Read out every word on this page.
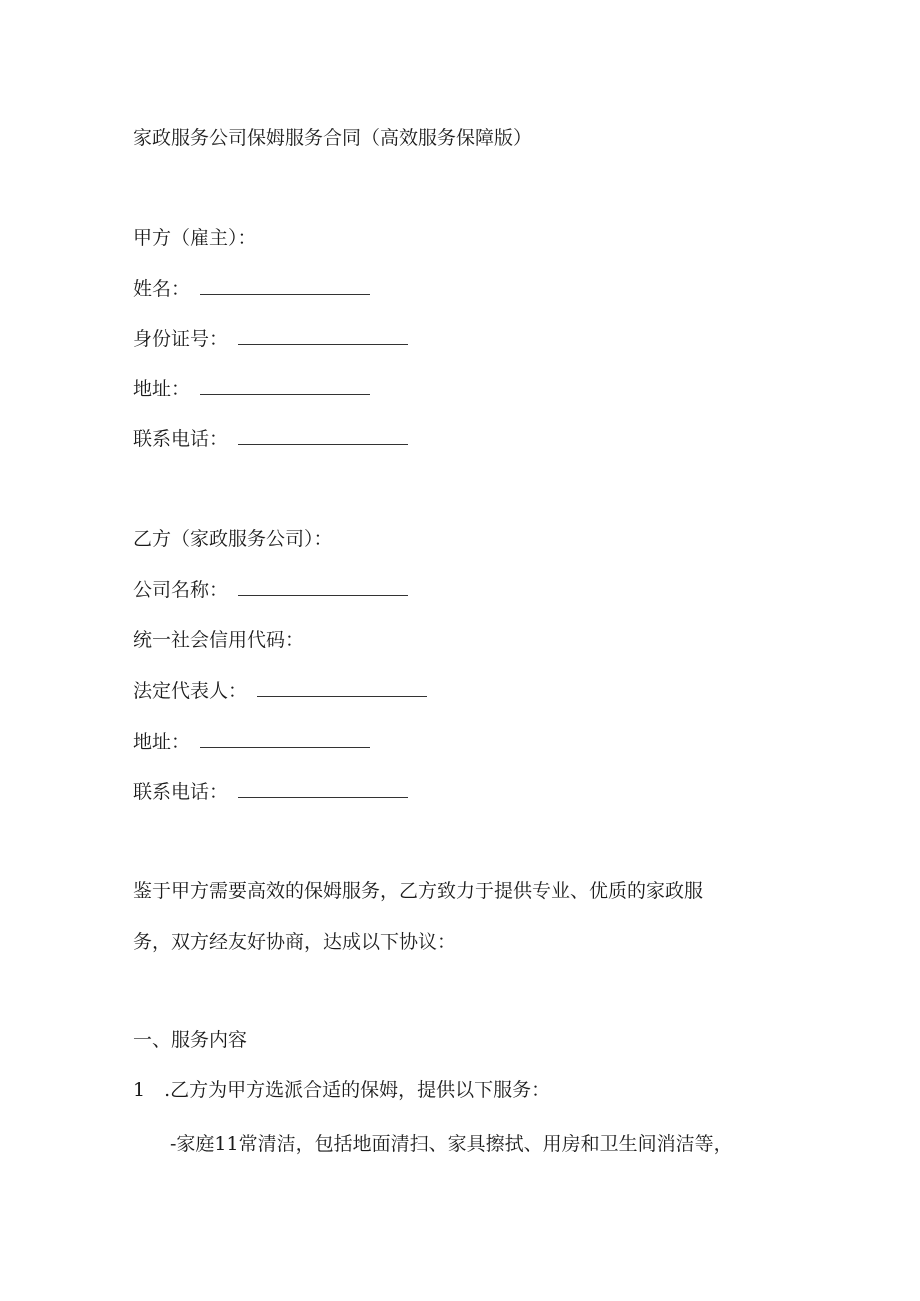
家政服务公司保姆服务合同（高效服务保障版）
甲方（雇主）：
姓名：
身份证号：
地址：
联系电话：
乙方（家政服务公司）：
公司名称：
统一社会信用代码：
法定代表人：
地址：
联系电话：
鉴于甲方需要高效的保姆服务，乙方致力于提供专业、优质的家政服
务，双方经友好协商，达成以下协议：
一、服务内容
1　.乙方为甲方选派合适的保姆，提供以下服务：
-家庭11常清洁，包括地面清扫、家具擦拭、用房和卫生间消洁等，
